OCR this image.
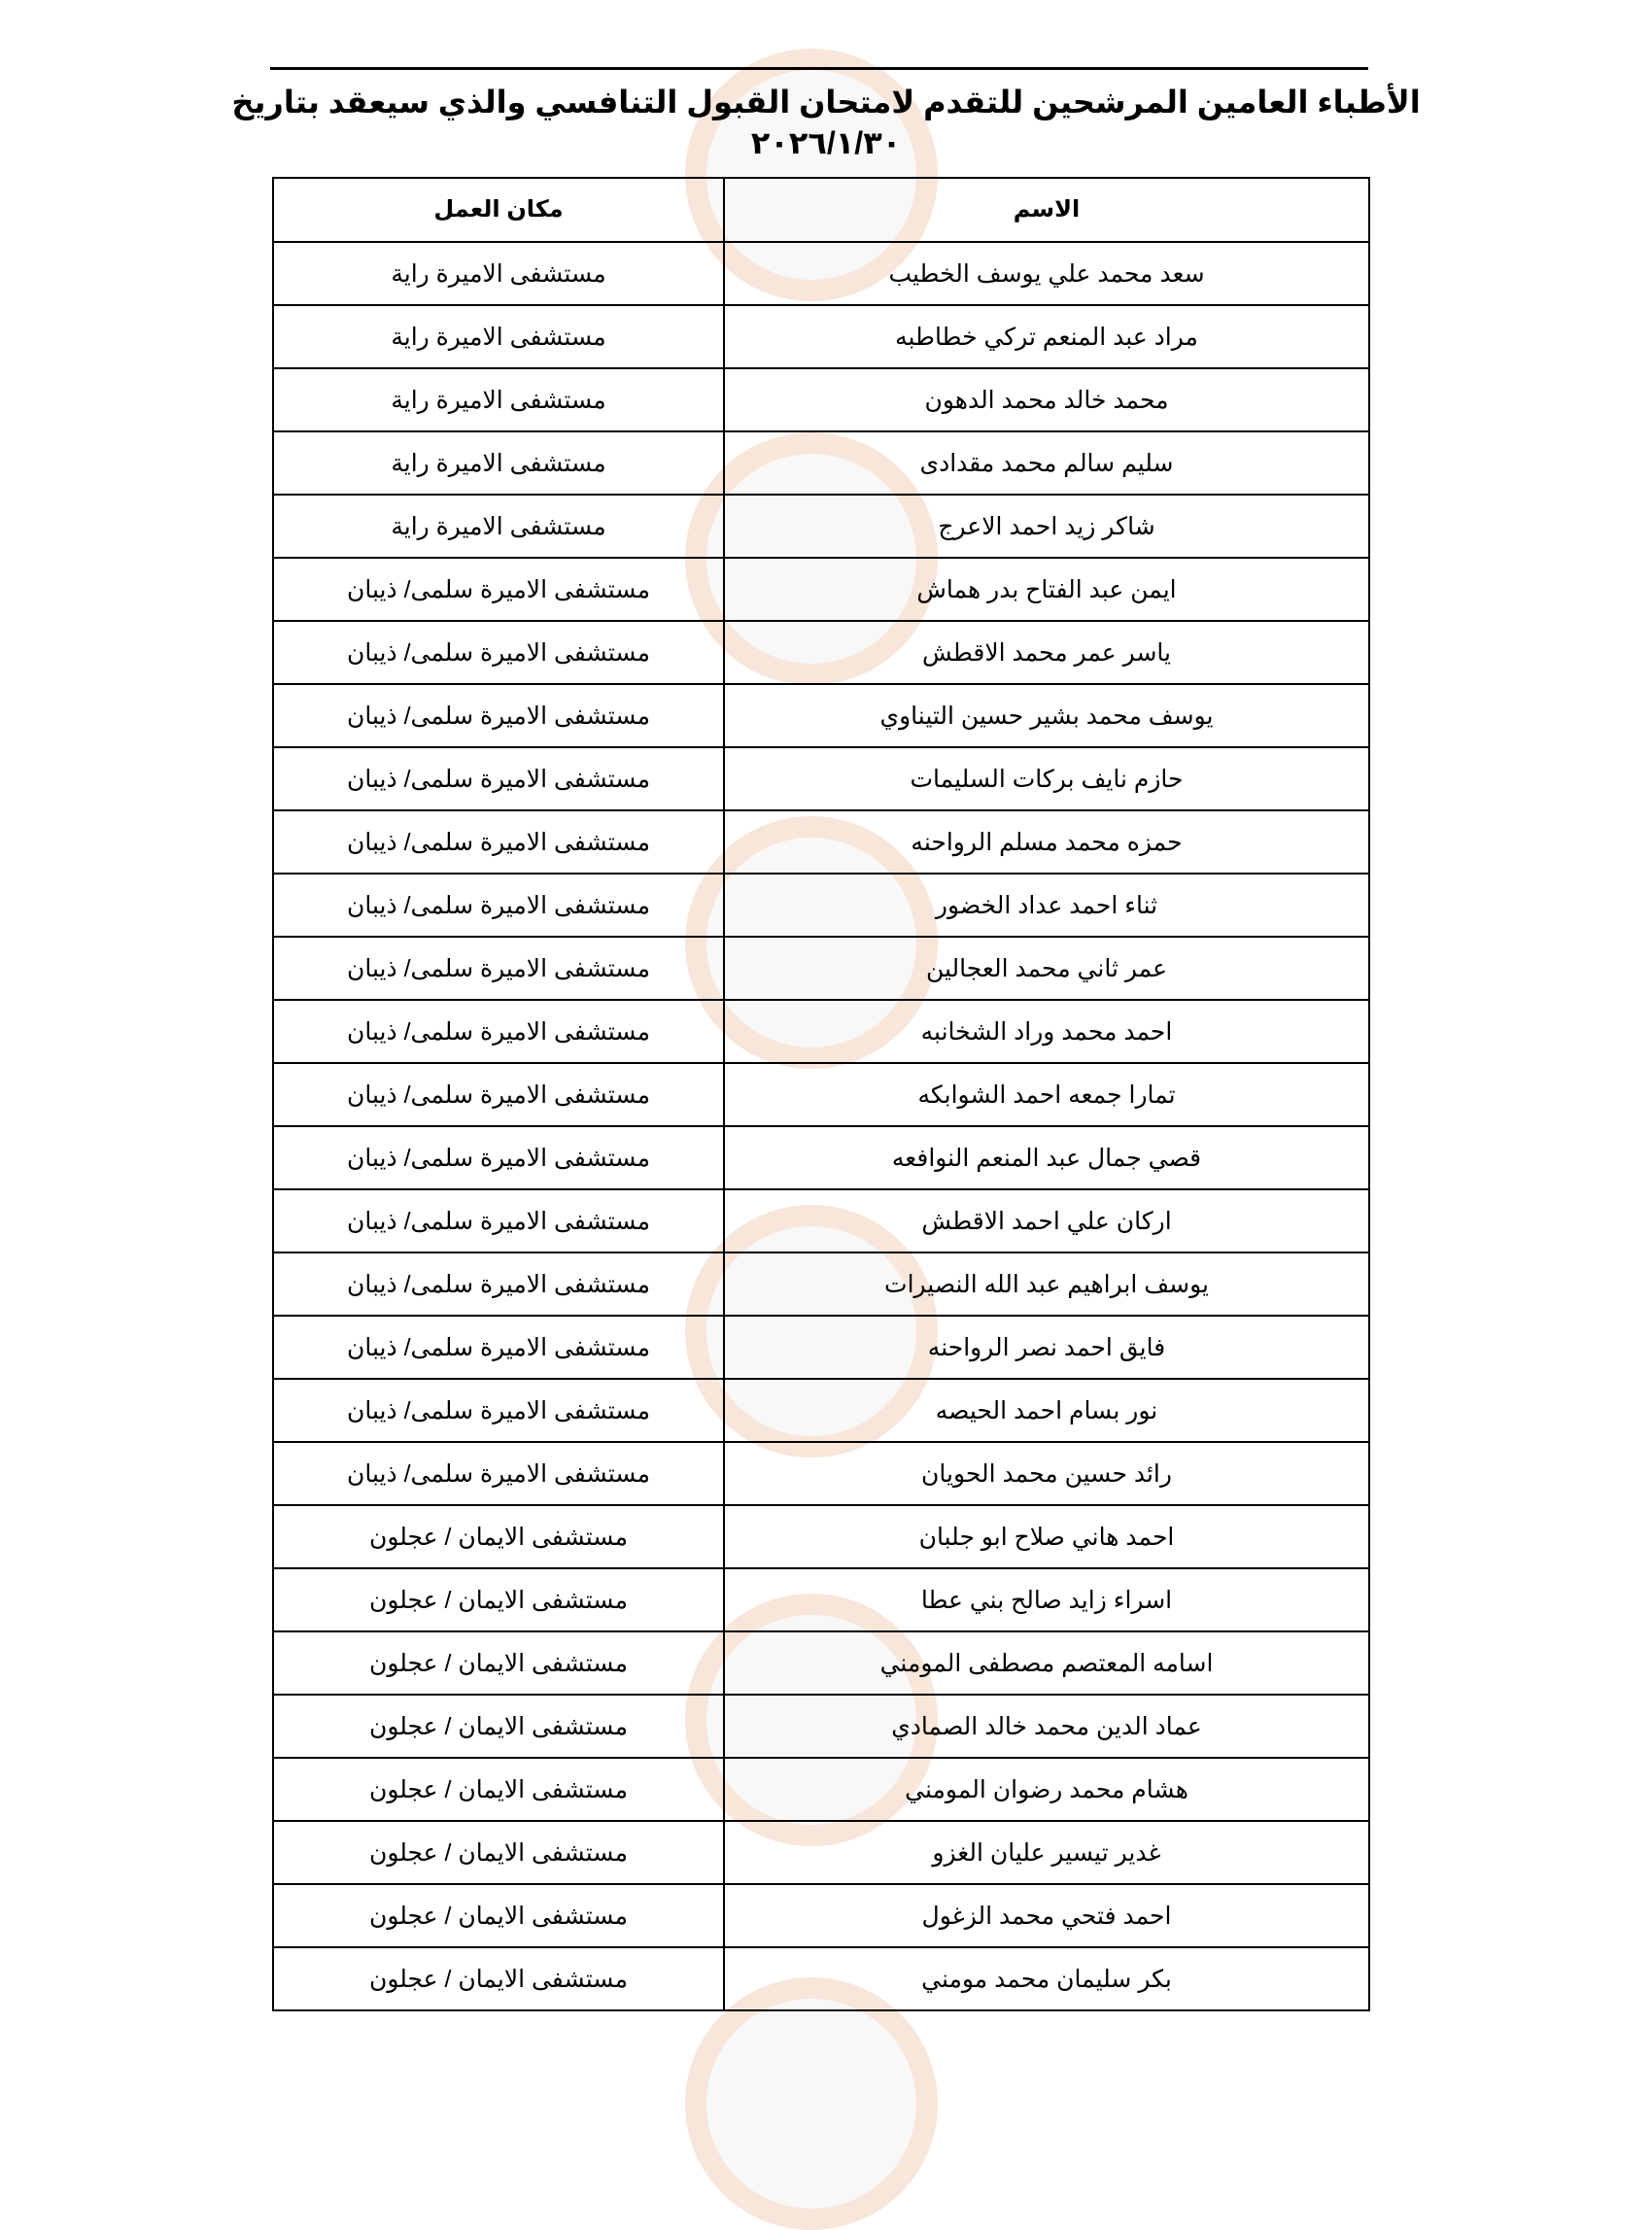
الأطباء العامين المرشحين للتقدم لامتحان القبول التنافسي والذي سيعقد بتاريخ
٢٠٢٦/١/٣٠
الاسم	مكان العمل
سعد محمد علي يوسف الخطيب	مستشفى الاميرة راية
مراد عبد المنعم تركي خطاطبه	مستشفى الاميرة راية
محمد خالد محمد الدهون	مستشفى الاميرة راية
سليم سالم محمد مقدادى	مستشفى الاميرة راية
شاكر زيد احمد الاعرج	مستشفى الاميرة راية
ايمن عبد الفتاح بدر هماش	مستشفى الاميرة سلمى/ ذيبان
ياسر عمر محمد الاقطش	مستشفى الاميرة سلمى/ ذيبان
يوسف محمد بشير حسين التيناوي	مستشفى الاميرة سلمى/ ذيبان
حازم نايف بركات السليمات	مستشفى الاميرة سلمى/ ذيبان
حمزه محمد مسلم الرواحنه	مستشفى الاميرة سلمى/ ذيبان
ثناء احمد عداد الخضور	مستشفى الاميرة سلمى/ ذيبان
عمر ثاني محمد العجالين	مستشفى الاميرة سلمى/ ذيبان
احمد محمد وراد الشخانبه	مستشفى الاميرة سلمى/ ذيبان
تمارا جمعه احمد الشوابكه	مستشفى الاميرة سلمى/ ذيبان
قصي جمال عبد المنعم النوافعه	مستشفى الاميرة سلمى/ ذيبان
اركان علي احمد الاقطش	مستشفى الاميرة سلمى/ ذيبان
يوسف ابراهيم عبد الله النصيرات	مستشفى الاميرة سلمى/ ذيبان
فايق احمد نصر الرواحنه	مستشفى الاميرة سلمى/ ذيبان
نور بسام احمد الحيصه	مستشفى الاميرة سلمى/ ذيبان
رائد حسين محمد الحويان	مستشفى الاميرة سلمى/ ذيبان
احمد هاني صلاح ابو جلبان	مستشفى الايمان / عجلون
اسراء زايد صالح بني عطا	مستشفى الايمان / عجلون
اسامه المعتصم مصطفى المومني	مستشفى الايمان / عجلون
عماد الدين محمد خالد الصمادي	مستشفى الايمان / عجلون
هشام محمد رضوان المومني	مستشفى الايمان / عجلون
غدير تيسير عليان الغزو	مستشفى الايمان / عجلون
احمد فتحي محمد الزغول	مستشفى الايمان / عجلون
بكر سليمان محمد مومني	مستشفى الايمان / عجلون
